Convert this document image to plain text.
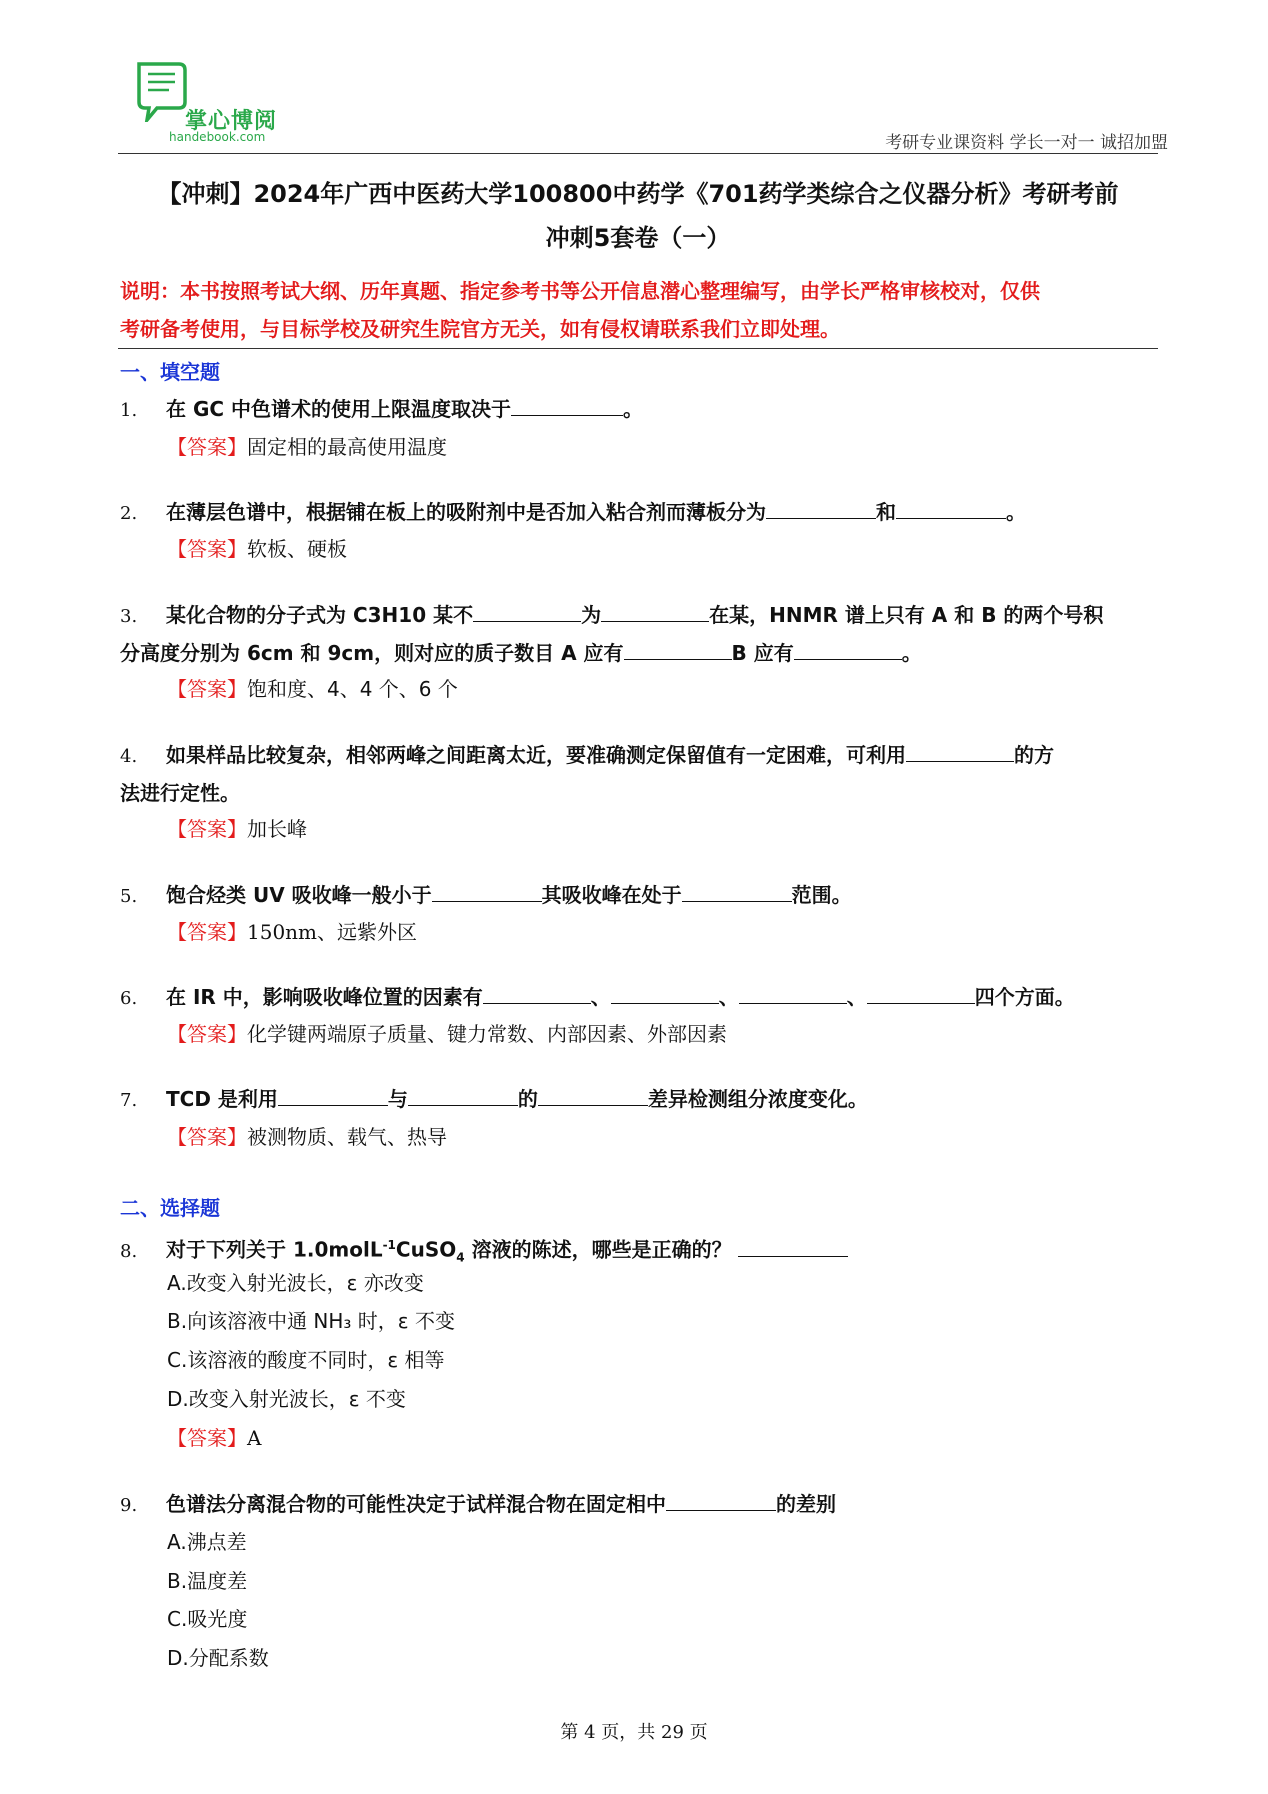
掌心博阅
handebook.com	考研专业课资料 学长一对一 诚招加盟
【冲刺】2024年广西中医药大学100800中药学《701药学类综合之仪器分析》考研考前
冲刺5套卷（一）
说明：本书按照考试大纲、历年真题、指定参考书等公开信息潜心整理编写，由学长严格审核校对，仅供
考研备考使用，与目标学校及研究生院官方无关，如有侵权请联系我们立即处理。
一、填空题
1. 在 GC 中色谱术的使用上限温度取决于	。
【答案】固定相的最高使用温度
2. 在薄层色谱中，根据铺在板上的吸附剂中是否加入粘合剂而薄板分为	和	。
【答案】软板、硬板
3. 某化合物的分子式为 C3H10 某不	为	在某，HNMR 谱上只有 A 和 B 的两个号积
分高度分别为 6cm 和 9cm，则对应的质子数目 A 应有	B 应有	。
【答案】饱和度、4、4 个、6 个
4. 如果样品比较复杂，相邻两峰之间距离太近，要准确测定保留值有一定困难，可利用	的方
法进行定性。
【答案】加长峰
5. 饱合烃类 UV 吸收峰一般小于	其吸收峰在处于	范围。
【答案】150nm、远紫外区
6. 在 IR 中，影响吸收峰位置的因素有	、	、	、	四个方面。
【答案】化学键两端原子质量、键力常数、内部因素、外部因素
7. TCD 是利用	与	的	差异检测组分浓度变化。
【答案】被测物质、载气、热导
二、选择题
8. 对于下列关于 1.0molL$^{-1}$CuSO$_4$ 溶液的陈述，哪些是正确的？
A.改变入射光波长，ε 亦改变
B.向该溶液中通 NH₃ 时，ε 不变
C.该溶液的酸度不同时，ε 相等
D.改变入射光波长，ε 不变
【答案】A
9. 色谱法分离混合物的可能性决定于试样混合物在固定相中	的差别
A.沸点差
B.温度差
C.吸光度
D.分配系数
第 4 页，共 29 页
